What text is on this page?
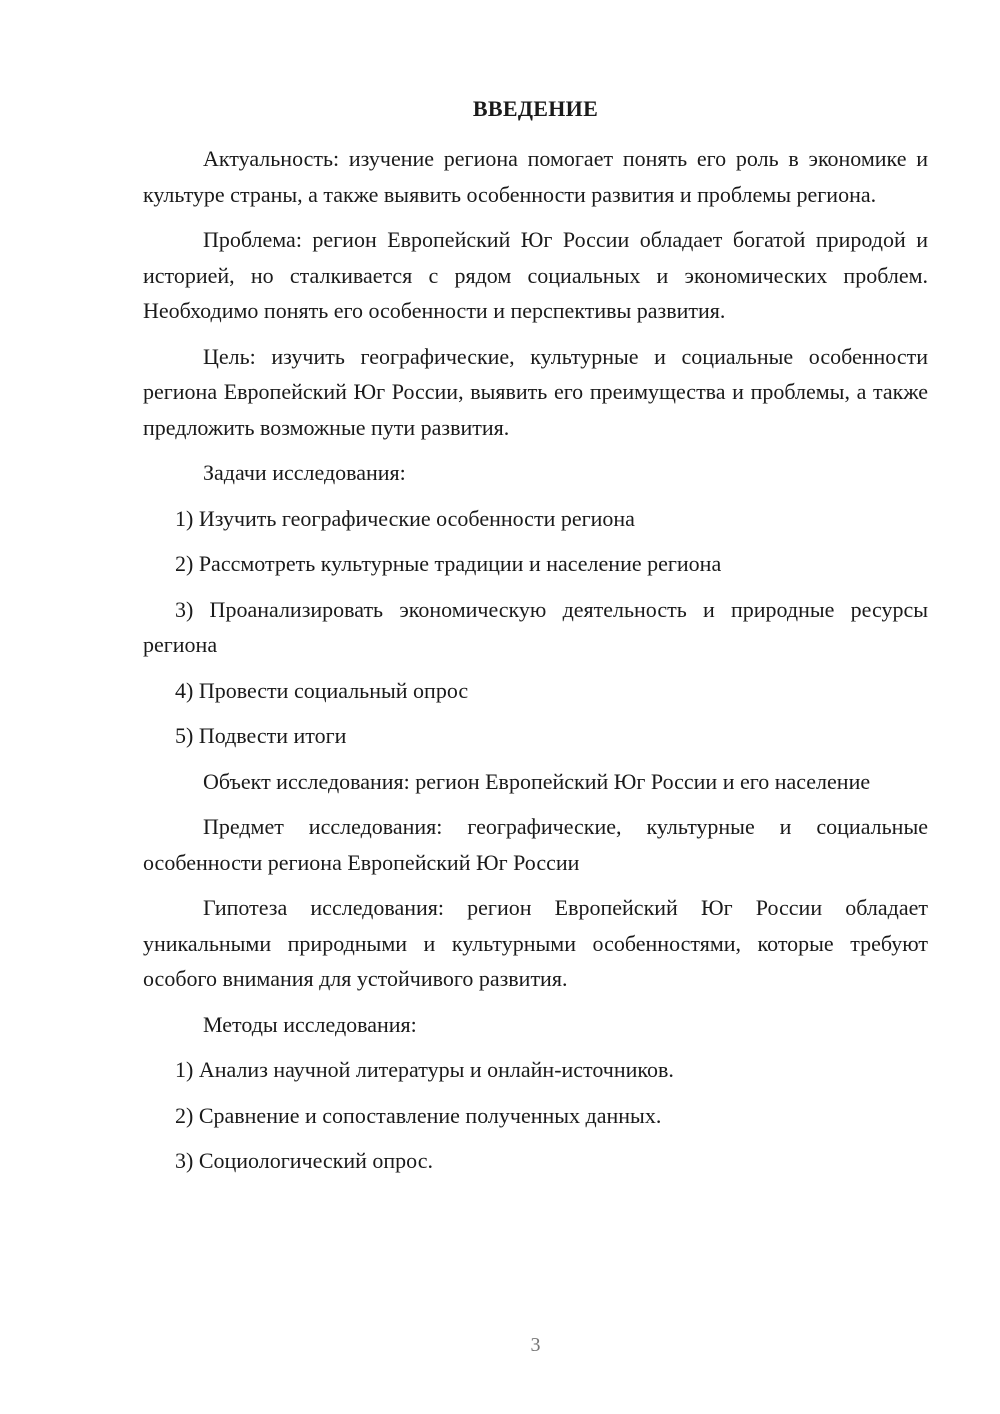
ВВЕДЕНИЕ

Актуальность: изучение региона помогает понять его роль в экономике и культуре страны, а также выявить особенности развития и проблемы региона.

Проблема: регион Европейский Юг России обладает богатой природой и историей, но сталкивается с рядом социальных и экономических проблем. Необходимо понять его особенности и перспективы развития.

Цель: изучить географические, культурные и социальные особенности региона Европейский Юг России, выявить его преимущества и проблемы, а также предложить возможные пути развития.

Задачи исследования:

1) Изучить географические особенности региона

2) Рассмотреть культурные традиции и население региона

3) Проанализировать экономическую деятельность и природные ресурсы региона

4) Провести социальный опрос

5) Подвести итоги

Объект исследования: регион Европейский Юг России и его население

Предмет исследования: географические, культурные и социальные особенности региона Европейский Юг России

Гипотеза исследования: регион Европейский Юг России обладает уникальными природными и культурными особенностями, которые требуют особого внимания для устойчивого развития.

Методы исследования:

1) Анализ научной литературы и онлайн-источников.

2) Сравнение и сопоставление полученных данных.

3) Социологический опрос.

3
